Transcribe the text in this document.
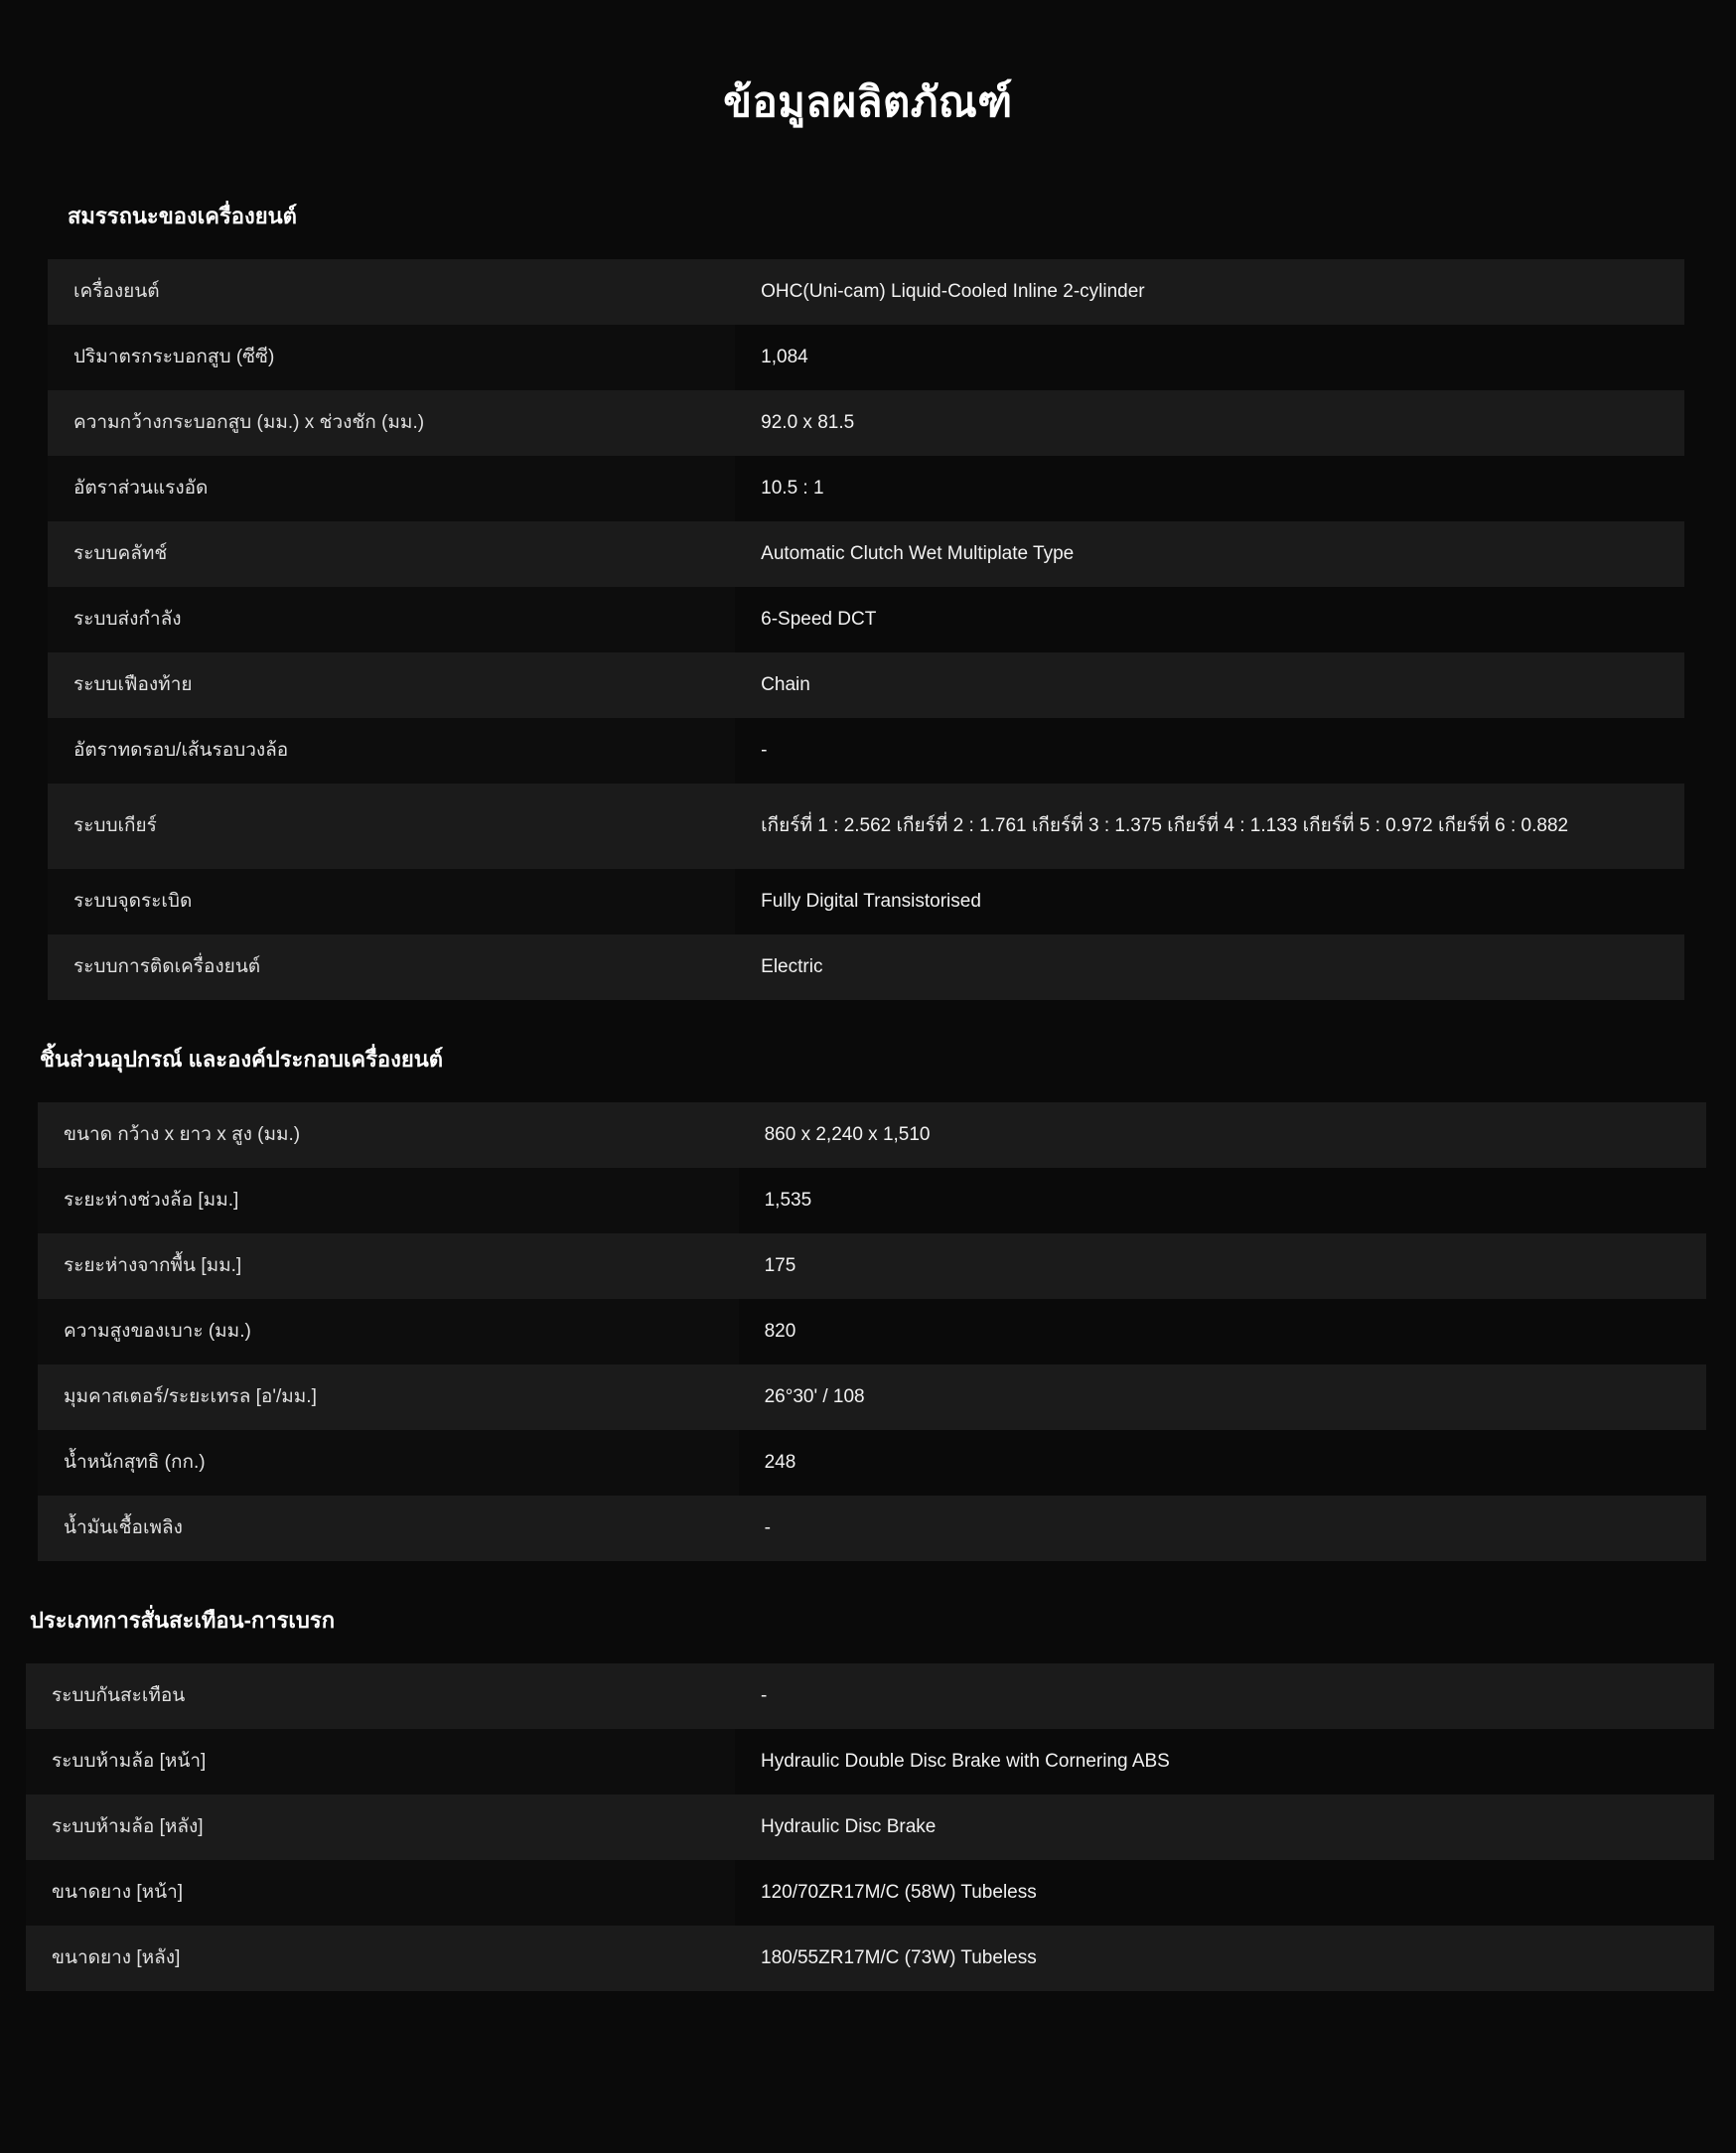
ข้อมูลผลิตภัณฑ์
สมรรถนะของเครื่องยนต์
เครื่องยนต์	OHC(Uni-cam) Liquid-Cooled Inline 2-cylinder
ปริมาตรกระบอกสูบ (ซีซี)	1,084
ความกว้างกระบอกสูบ (มม.) x ช่วงชัก (มม.)	92.0 x 81.5
อัตราส่วนแรงอัด	10.5 : 1
ระบบคลัทช์	Automatic Clutch Wet Multiplate Type
ระบบส่งกำลัง	6-Speed DCT
ระบบเฟืองท้าย	Chain
อัตราทดรอบ/เส้นรอบวงล้อ	-
ระบบเกียร์	เกียร์ที่ 1 : 2.562 เกียร์ที่ 2 : 1.761 เกียร์ที่ 3 : 1.375 เกียร์ที่ 4 : 1.133 เกียร์ที่ 5 : 0.972 เกียร์ที่ 6 : 0.882
ระบบจุดระเบิด	Fully Digital Transistorised
ระบบการติดเครื่องยนต์	Electric
ชิ้นส่วนอุปกรณ์ และองค์ประกอบเครื่องยนต์
ขนาด กว้าง x ยาว x สูง (มม.)	860 x 2,240 x 1,510
ระยะห่างช่วงล้อ [มม.]	1,535
ระยะห่างจากพื้น [มม.]	175
ความสูงของเบาะ (มม.)	820
มุมคาสเตอร์/ระยะเทรล [อ'/มม.]	26°30' / 108
น้ำหนักสุทธิ (กก.)	248
น้ำมันเชื้อเพลิง	-
ประเภทการสั่นสะเทือน-การเบรก
ระบบกันสะเทือน	-
ระบบห้ามล้อ [หน้า]	Hydraulic Double Disc Brake with Cornering ABS
ระบบห้ามล้อ [หลัง]	Hydraulic Disc Brake
ขนาดยาง [หน้า]	120/70ZR17M/C (58W) Tubeless
ขนาดยาง [หลัง]	180/55ZR17M/C (73W) Tubeless
